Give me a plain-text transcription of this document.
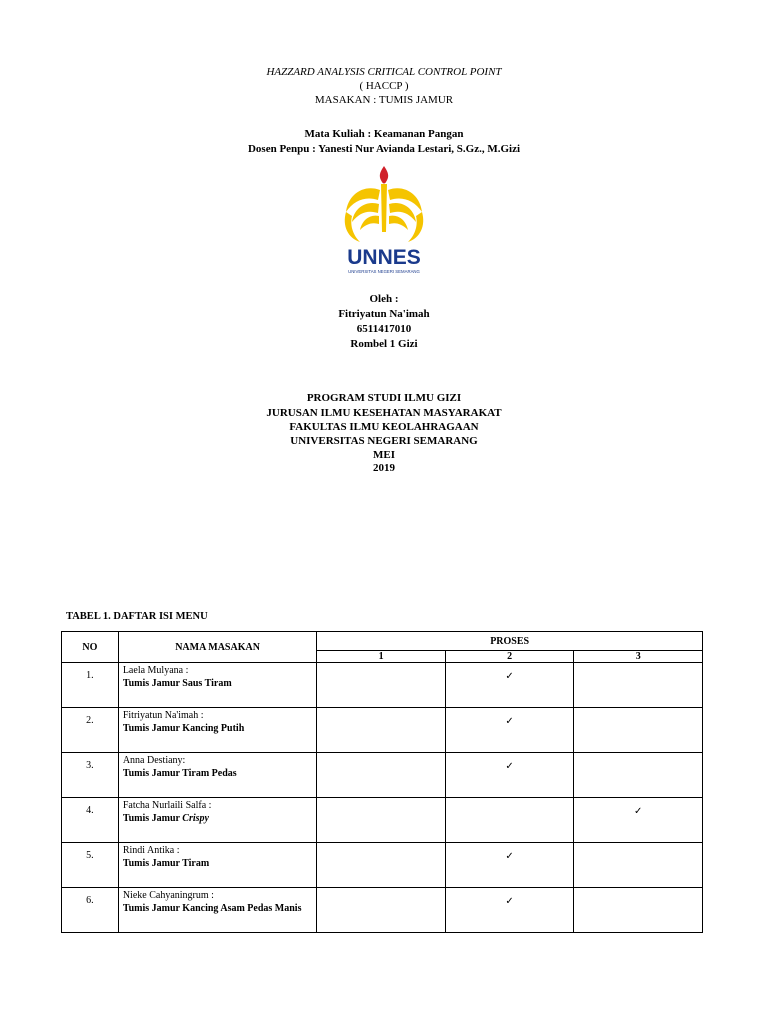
HAZZARD ANALYSIS CRITICAL CONTROL POINT
( HACCP )
MASAKAN : TUMIS JAMUR
Mata Kuliah : Keamanan Pangan
Dosen Penpu : Yanesti Nur Avianda Lestari, S.Gz., M.Gizi
UNNES
UNIVERSITAS NEGERI SEMARANG
Oleh :
Fitriyatun Na'imah
6511417010
Rombel 1 Gizi
PROGRAM STUDI ILMU GIZI
JURUSAN ILMU KESEHATAN MASYARAKAT
FAKULTAS ILMU KEOLAHRAGAAN
UNIVERSITAS NEGERI SEMARANG
MEI
2019
TABEL 1. DAFTAR ISI MENU
NO	NAMA MASAKAN	PROSES		
		1	2	3
1.	Laela Mulyana :
Tumis Jamur Saus Tiram		✓	
2.	Fitriyatun Na'imah :
Tumis Jamur Kancing Putih		✓	
3.	Anna Destiany:
Tumis Jamur Tiram Pedas		✓	
4.	Fatcha Nurlaili Salfa :
Tumis Jamur Crispy			✓
5.	Rindi Antika :
Tumis Jamur Tiram		✓	
6.	Nieke Cahyaningrum :
Tumis Jamur Kancing Asam Pedas Manis		✓	
